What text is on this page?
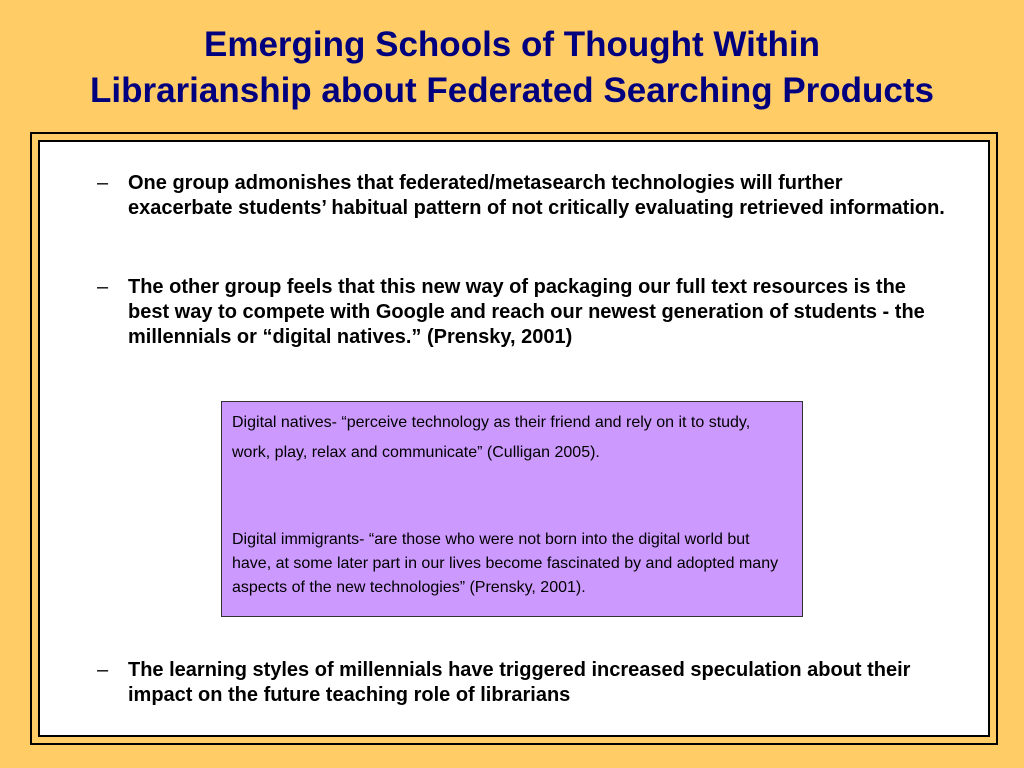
Emerging Schools of Thought Within
Librarianship about Federated Searching Products
– One group admonishes that federated/metasearch technologies will further exacerbate students’ habitual pattern of not critically evaluating retrieved information.
– The other group feels that this new way of packaging our full text resources is the best way to compete with Google and reach our newest generation of students - the millennials or “digital natives.” (Prensky, 2001)

Digital natives- “perceive technology as their friend and rely on it to study, work, play, relax and communicate” (Culligan 2005).

Digital immigrants- “are those who were not born into the digital world but have, at some later part in our lives become fascinated by and adopted many aspects of the new technologies” (Prensky, 2001).

– The learning styles of millennials have triggered increased speculation about their impact on the future teaching role of librarians
